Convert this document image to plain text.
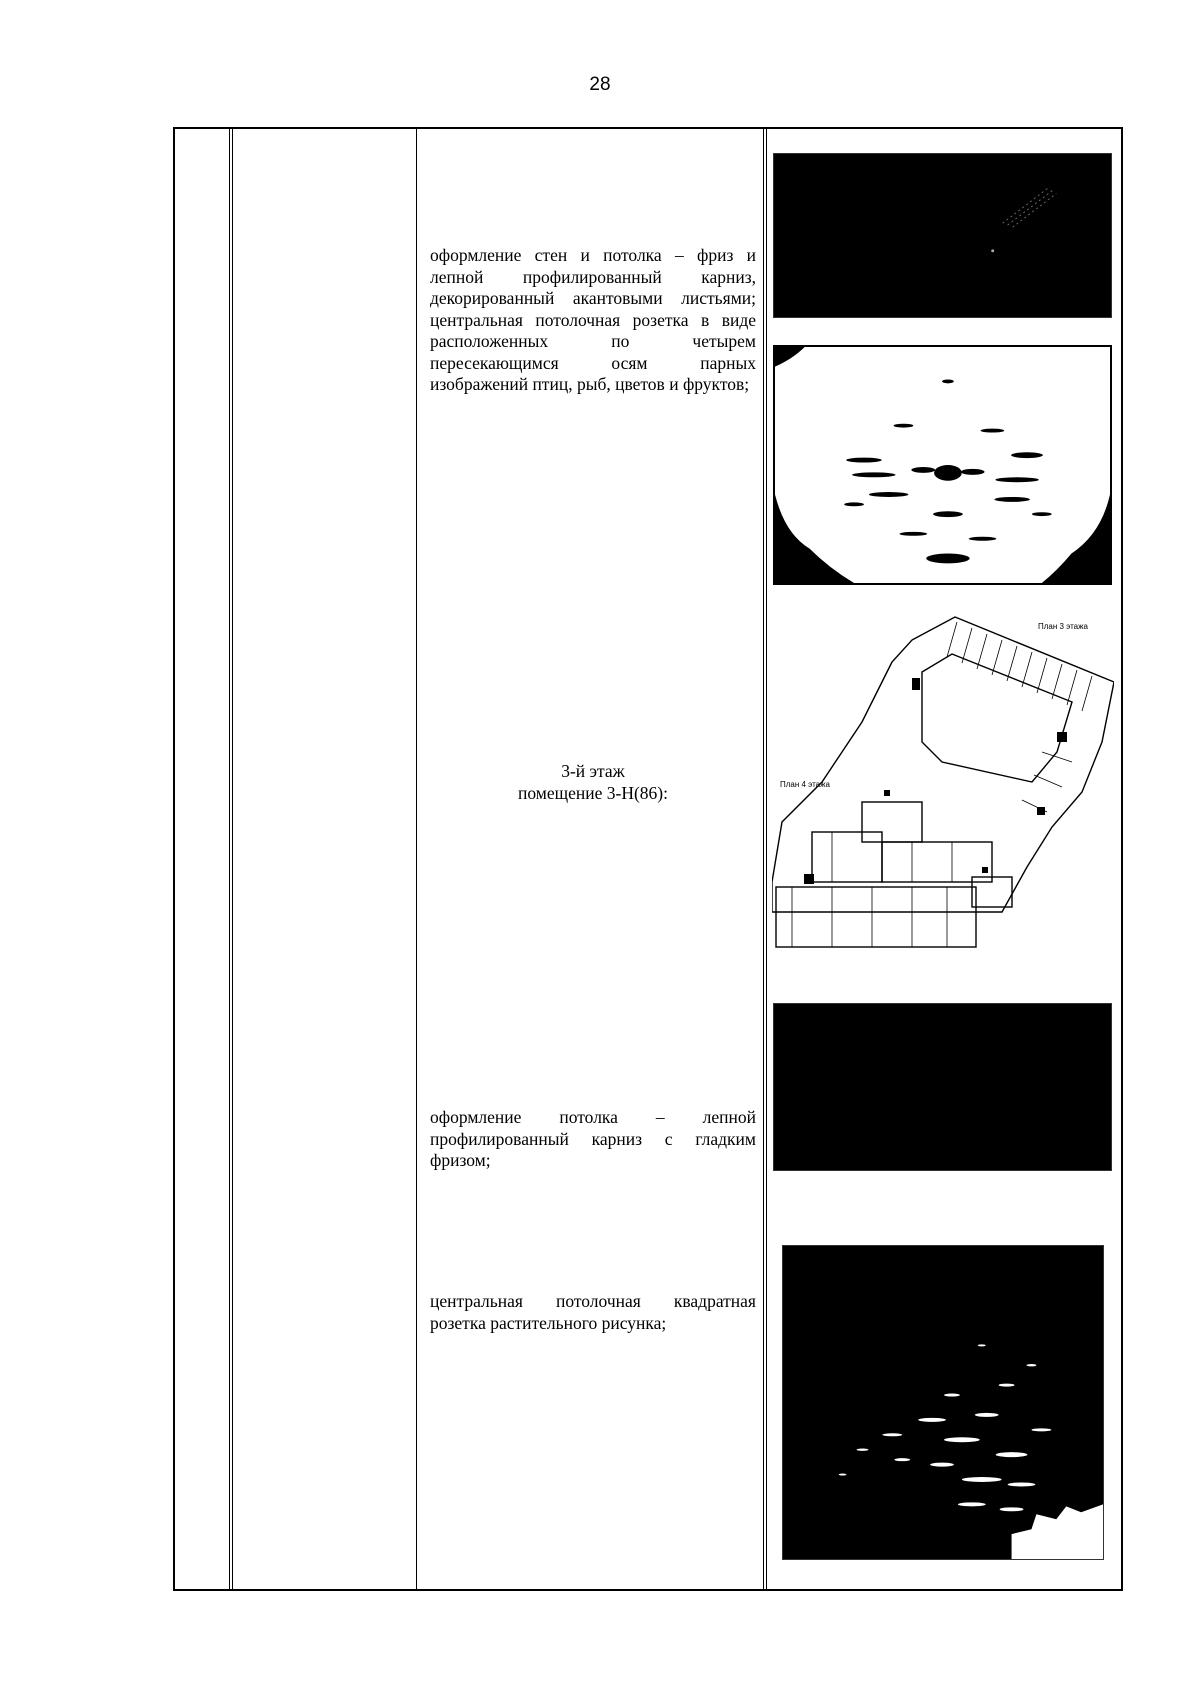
28
оформление стен и потолка – фриз и лепной профилированный карниз, декорированный акантовыми листьями; центральная потолочная розетка в виде расположенных по четырем пересекающимся осям парных изображений птиц, рыб, цветов и фруктов;
3-й этаж
помещение 3-Н(86):
оформление потолка – лепной профилированный карниз с гладким фризом;
центральная потолочная квадратная розетка растительного рисунка;
План 3 этажа
План 4 этажа
